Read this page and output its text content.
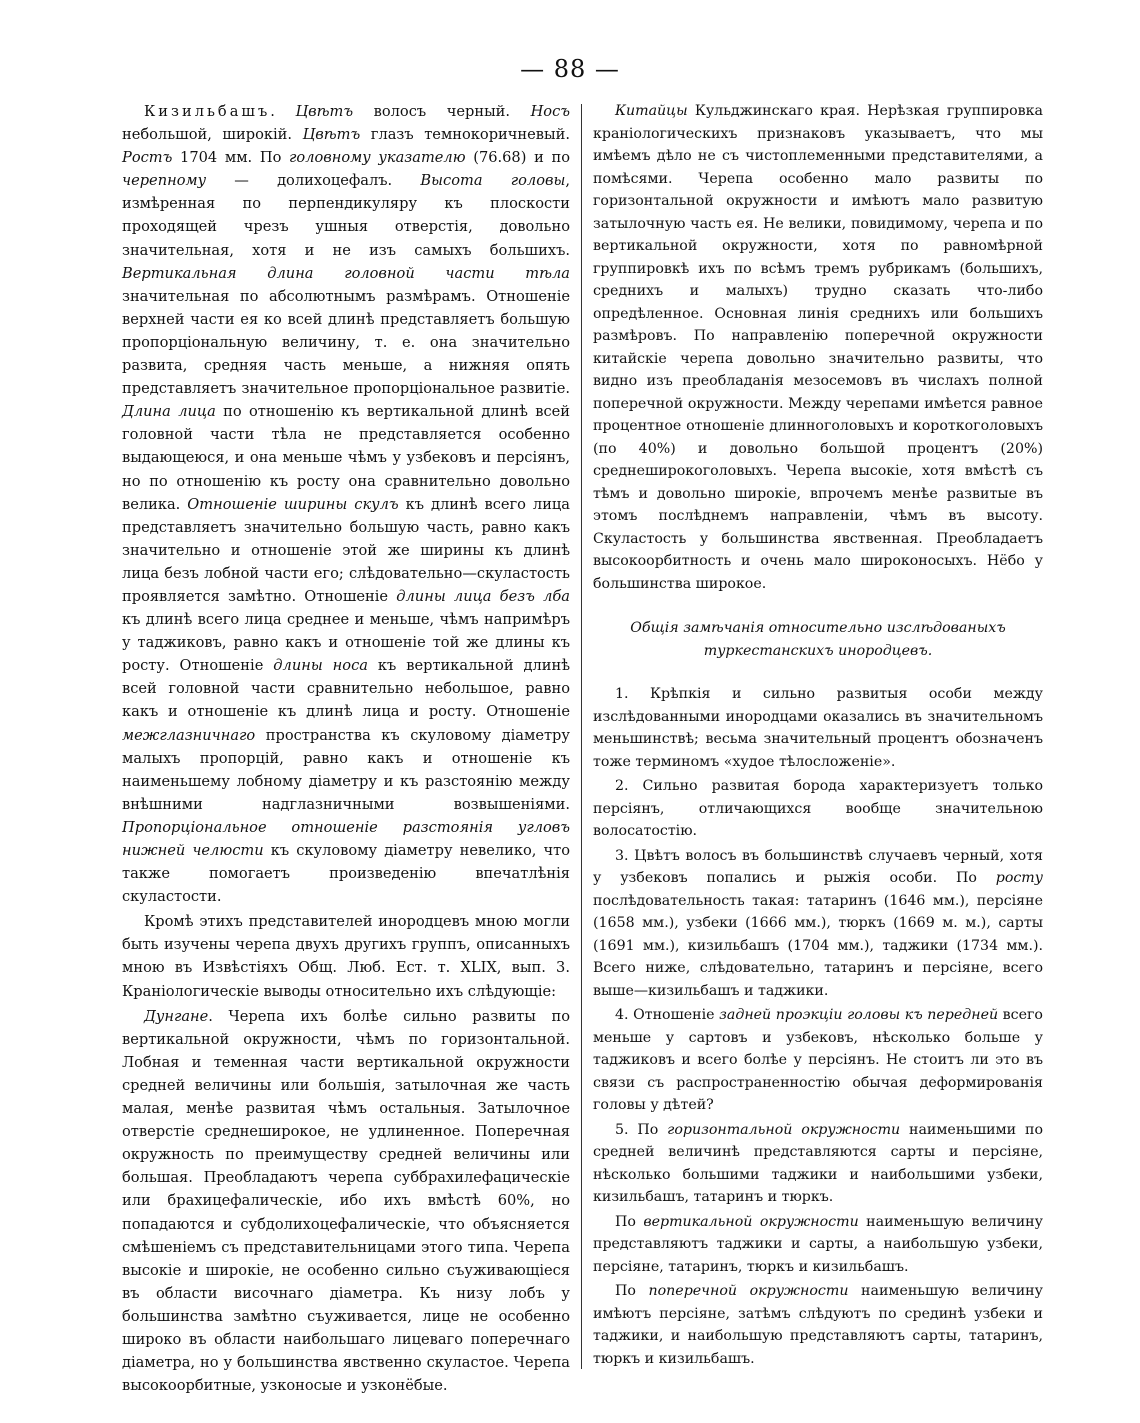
— 88 —

Кизильбашъ. Цвѣтъ волосъ черный. Носъ небольшой, широкій. Цвѣтъ глазъ темнокоричневый. Ростъ 1704 мм. По головному указателю (76.68) и по черепному — долихоцефалъ. Высота головы, измѣренная по перпендикуляру къ плоскости проходящей чрезъ ушныя отверстія, довольно значительная, хотя и не изъ самыхъ большихъ. Вертикальная длина головной части тѣла значительная по абсолютнымъ размѣрамъ. Отношеніе верхней части ея ко всей длинѣ представляетъ большую пропорціональную величину, т. е. она значительно развита, средняя часть меньше, а нижняя опять представляетъ значительное пропорціональное развитіе. Длина лица по отношенію къ вертикальной длинѣ всей головной части тѣла не представляется особенно выдающеюся, и она меньше чѣмъ у узбековъ и персіянъ, но по отношенію къ росту она сравнительно довольно велика. Отношеніе ширины скулъ къ длинѣ всего лица представляетъ значительно большую часть, равно какъ значительно и отношеніе этой же ширины къ длинѣ лица безъ лобной части его; слѣдовательно—скуластость проявляется замѣтно. Отношеніе длины лица безъ лба къ длинѣ всего лица среднее и меньше, чѣмъ напримѣръ у таджиковъ, равно какъ и отношеніе той же длины къ росту. Отношеніе длины носа къ вертикальной длинѣ всей головной части сравнительно небольшое, равно какъ и отношеніе къ длинѣ лица и росту. Отношеніе межглазничнаго пространства къ скуловому діаметру малыхъ пропорцій, равно какъ и отношеніе къ наименьшему лобному діаметру и къ разстоянію между внѣшними надглазничными возвышеніями. Пропорціональное отношеніе разстоянія угловъ нижней челюсти къ скуловому діаметру невелико, что также помогаетъ произведенію впечатлѣнія скуластости.

Кромѣ этихъ представителей инородцевъ мною могли быть изучены черепа двухъ другихъ группъ, описанныхъ мною въ Извѣстіяхъ Общ. Люб. Ест. т. XLIX, вып. 3. Краніологическіе выводы относительно ихъ слѣдующіе:

Дунгане. Черепа ихъ болѣе сильно развиты по вертикальной окружности, чѣмъ по горизонтальной. Лобная и теменная части вертикальной окружности средней величины или большія, затылочная же часть малая, менѣе развитая чѣмъ остальныя. Затылочное отверстіе среднеширокое, не удлиненное. Поперечная окружность по преимуществу средней величины или большая. Преобладаютъ черепа суббрахилефацическіе или брахицефалическіе, ибо ихъ вмѣстѣ 60%, но попадаются и субдолихоцефалическіе, что объясняется смѣшеніемъ съ представительницами этого типа. Черепа высокіе и широкіе, не особенно сильно съуживающіеся въ области височнаго діаметра. Къ низу лобъ у большинства замѣтно съуживается, лице не особенно широко въ области наибольшаго лицеваго поперечнаго діаметра, но у большинства явственно скуластое. Черепа высокоорбитные, узконосые и узконёбые.

Китайцы Кульджинскаго края. Нерѣзкая группировка краніологическихъ признаковъ указываетъ, что мы имѣемъ дѣло не съ чистоплеменными представителями, а помѣсями. Черепа особенно мало развиты по горизонтальной окружности и имѣютъ мало развитую затылочную часть ея. Не велики, повидимому, черепа и по вертикальной окружности, хотя по равномѣрной группировкѣ ихъ по всѣмъ тремъ рубрикамъ (большихъ, среднихъ и малыхъ) трудно сказать что-либо опредѣленное. Основная линія среднихъ или большихъ размѣровъ. По направленію поперечной окружности китайскіе черепа довольно значительно развиты, что видно изъ преобладанія мезосемовъ въ числахъ полной поперечной окружности. Между черепами имѣется равное процентное отношеніе длинноголовыхъ и короткоголовыхъ (по 40%) и довольно большой процентъ (20%) среднеширокоголовыхъ. Черепа высокіе, хотя вмѣстѣ съ тѣмъ и довольно широкіе, впрочемъ менѣе развитые въ этомъ послѣднемъ направленіи, чѣмъ въ высоту. Скуластость у большинства явственная. Преобладаетъ высокоорбитность и очень мало широконосыхъ. Нёбо у большинства широкое.

Общія замѣчанія относительно изслѣдованыхъ туркестанскихъ инородцевъ.

1. Крѣпкія и сильно развитыя особи между изслѣдованными инородцами оказались въ значительномъ меньшинствѣ; весьма значительный процентъ обозначенъ тоже терминомъ «худое тѣлосложеніе».

2. Сильно развитая борода характеризуетъ только персіянъ, отличающихся вообще значительною волосатостію.

3. Цвѣтъ волосъ въ большинствѣ случаевъ черный, хотя у узбековъ попались и рыжія особи. По росту послѣдовательность такая: татаринъ (1646 мм.), персіяне (1658 мм.), узбеки (1666 мм.), тюркъ (1669 м. м.), сарты (1691 мм.), кизильбашъ (1704 мм.), таджики (1734 мм.). Всего ниже, слѣдовательно, татаринъ и персіяне, всего выше—кизильбашъ и таджики.

4. Отношеніе задней проэкціи головы къ передней всего меньше у сартовъ и узбековъ, нѣсколько больше у таджиковъ и всего болѣе у персіянъ. Не стоитъ ли это въ связи съ распространенностію обычая деформированія головы у дѣтей?

5. По горизонтальной окружности наименьшими по средней величинѣ представляются сарты и персіяне, нѣсколько большими таджики и наибольшими узбеки, кизильбашъ, татаринъ и тюркъ.

По вертикальной окружности наименьшую величину представляютъ таджики и сарты, а наибольшую узбеки, персіяне, татаринъ, тюркъ и кизильбашъ.

По поперечной окружности наименьшую величину имѣютъ персіяне, затѣмъ слѣдуютъ по срединѣ узбеки и таджики, и наибольшую представляютъ сарты, татаринъ, тюркъ и кизильбашъ.
